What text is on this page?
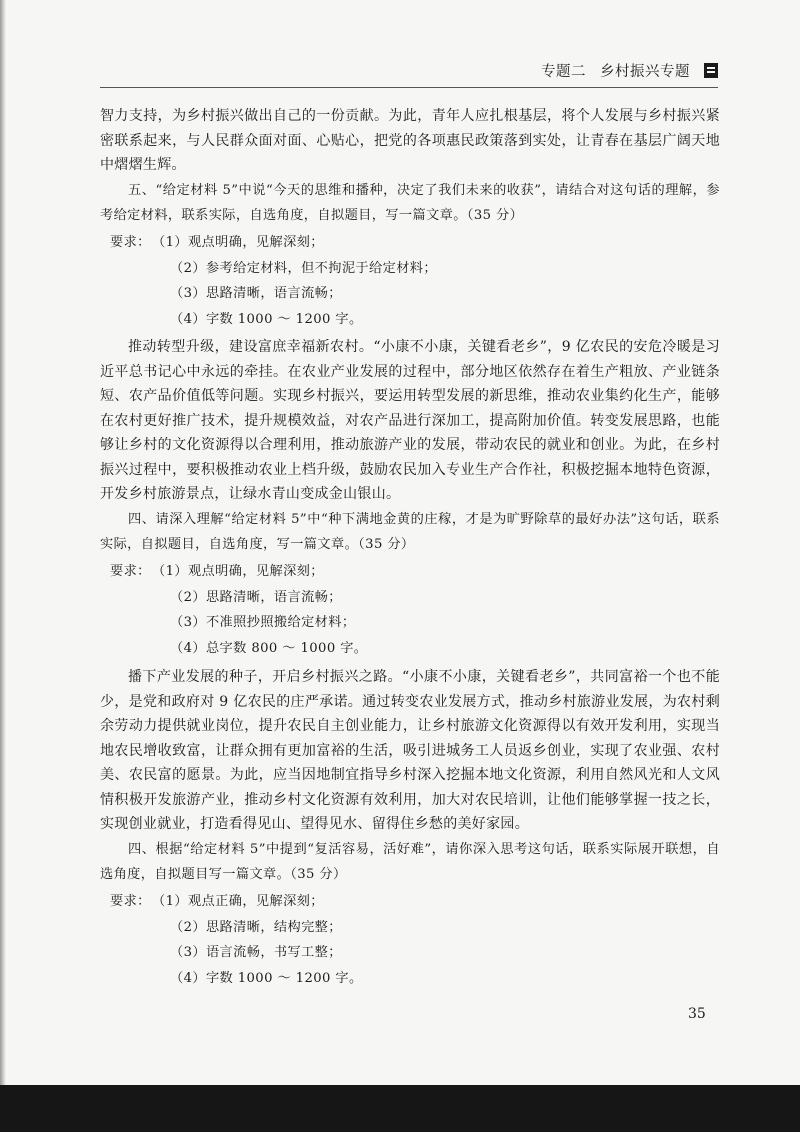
专题二 乡村振兴专题

智力支持，为乡村振兴做出自己的一份贡献。为此，青年人应扎根基层，将个人发展与乡村振兴紧密联系起来，与人民群众面对面、心贴心，把党的各项惠民政策落到实处，让青春在基层广阔天地中熠熠生辉。

五、“给定材料 5”中说“今天的思维和播种，决定了我们未来的收获”，请结合对这句话的理解，参考给定材料，联系实际，自选角度，自拟题目，写一篇文章。（35 分）

要求：（1）观点明确，见解深刻；
（2）参考给定材料，但不拘泥于给定材料；
（3）思路清晰，语言流畅；
（4）字数 1000 ～ 1200 字。

推动转型升级，建设富庶幸福新农村。“小康不小康，关键看老乡”，9 亿农民的安危冷暖是习近平总书记心中永远的牵挂。在农业产业发展的过程中，部分地区依然存在着生产粗放、产业链条短、农产品价值低等问题。实现乡村振兴，要运用转型发展的新思维，推动农业集约化生产，能够在农村更好推广技术，提升规模效益，对农产品进行深加工，提高附加价值。转变发展思路，也能够让乡村的文化资源得以合理利用，推动旅游产业的发展，带动农民的就业和创业。为此，在乡村振兴过程中，要积极推动农业上档升级，鼓励农民加入专业生产合作社，积极挖掘本地特色资源，开发乡村旅游景点，让绿水青山变成金山银山。

四、请深入理解“给定材料 5”中“种下满地金黄的庄稼，才是为旷野除草的最好办法”这句话，联系实际，自拟题目，自选角度，写一篇文章。（35 分）

要求：（1）观点明确，见解深刻；
（2）思路清晰，语言流畅；
（3）不准照抄照搬给定材料；
（4）总字数 800 ～ 1000 字。

播下产业发展的种子，开启乡村振兴之路。“小康不小康，关键看老乡”，共同富裕一个也不能少，是党和政府对 9 亿农民的庄严承诺。通过转变农业发展方式，推动乡村旅游业发展，为农村剩余劳动力提供就业岗位，提升农民自主创业能力，让乡村旅游文化资源得以有效开发利用，实现当地农民增收致富，让群众拥有更加富裕的生活，吸引进城务工人员返乡创业，实现了农业强、农村美、农民富的愿景。为此，应当因地制宜指导乡村深入挖掘本地文化资源，利用自然风光和人文风情积极开发旅游产业，推动乡村文化资源有效利用，加大对农民培训，让他们能够掌握一技之长，实现创业就业，打造看得见山、望得见水、留得住乡愁的美好家园。

四、根据“给定材料 5”中提到“复活容易，活好难”，请你深入思考这句话，联系实际展开联想，自选角度，自拟题目写一篇文章。（35 分）

要求：（1）观点正确，见解深刻；
（2）思路清晰，结构完整；
（3）语言流畅，书写工整；
（4）字数 1000 ～ 1200 字。
35
